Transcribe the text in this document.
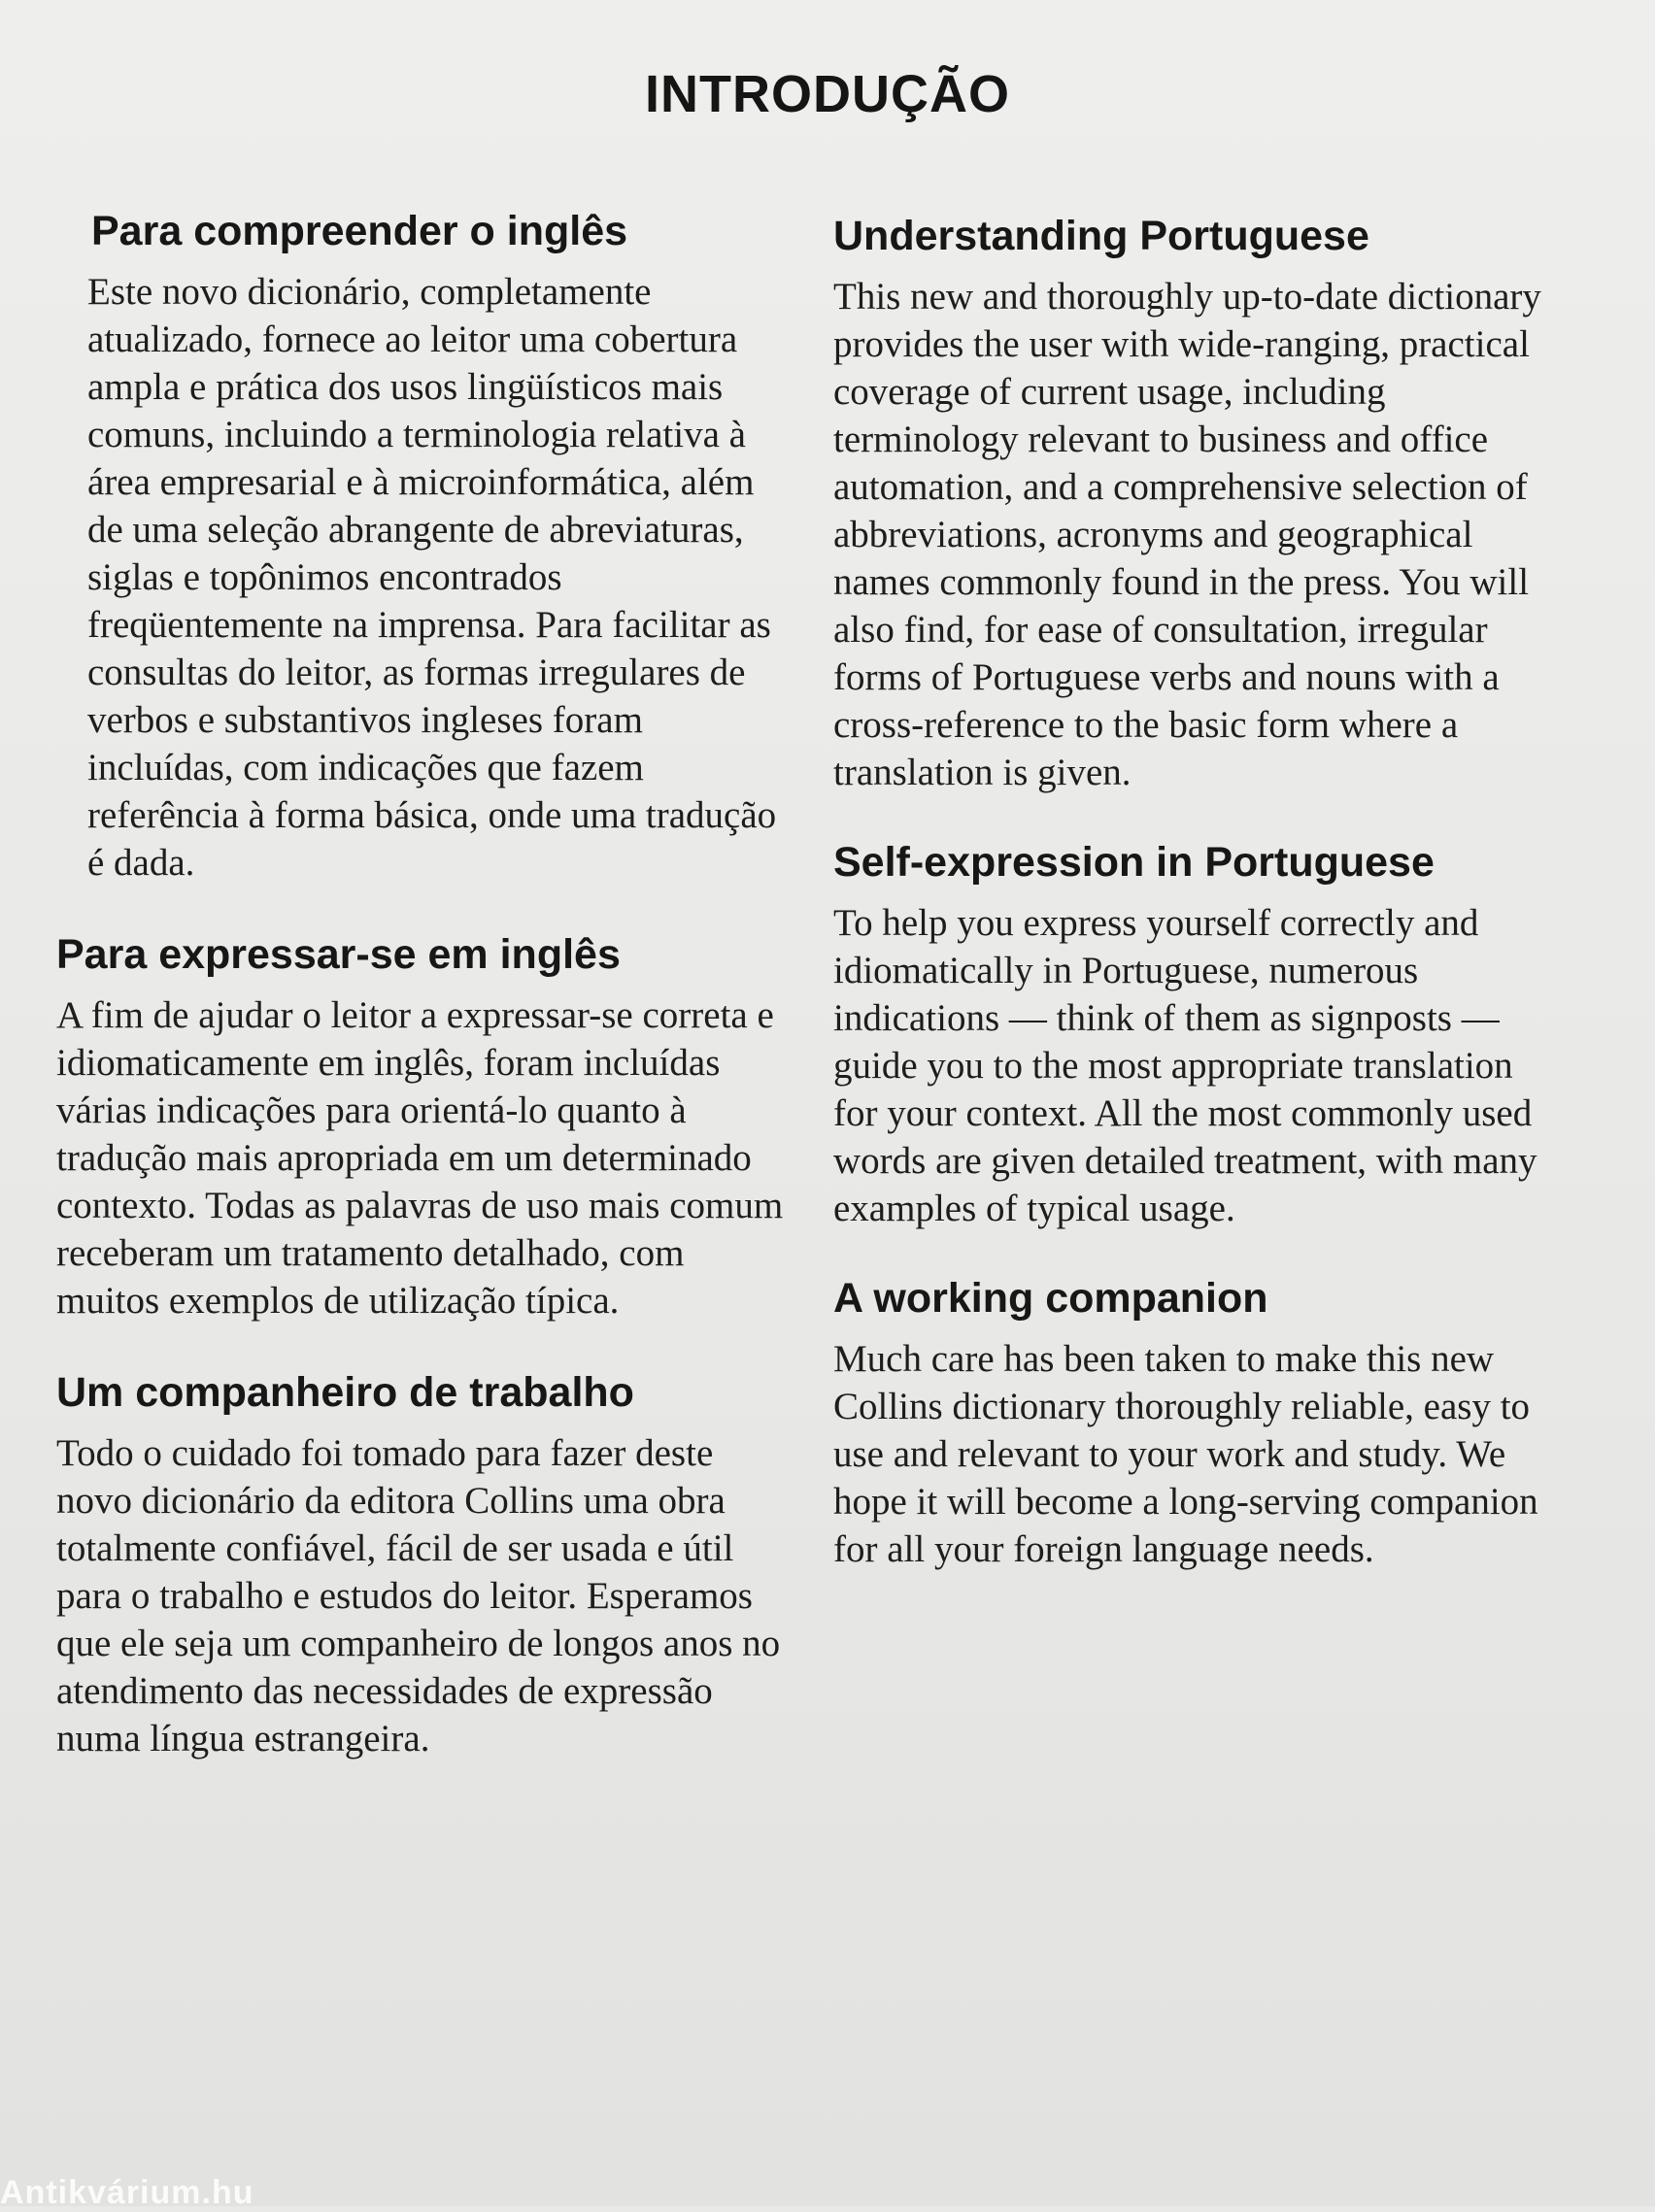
INTRODUÇÃO
Para compreender o inglês

Este novo dicionário, completamente atualizado, fornece ao leitor uma cobertura ampla e prática dos usos lingüísticos mais comuns, incluindo a terminologia relativa à área empresarial e à microinformática, além de uma seleção abrangente de abreviaturas, siglas e topônimos encontrados freqüentemente na imprensa. Para facilitar as consultas do leitor, as formas irregulares de verbos e substantivos ingleses foram incluídas, com indicações que fazem referência à forma básica, onde uma tradução é dada.

Para expressar-se em inglês

A fim de ajudar o leitor a expressar-se correta e idiomaticamente em inglês, foram incluídas várias indicações para orientá-lo quanto à tradução mais apropriada em um determinado contexto. Todas as palavras de uso mais comum receberam um tratamento detalhado, com muitos exemplos de utilização típica.

Um companheiro de trabalho

Todo o cuidado foi tomado para fazer deste novo dicionário da editora Collins uma obra totalmente confiável, fácil de ser usada e útil para o trabalho e estudos do leitor. Esperamos que ele seja um companheiro de longos anos no atendimento das necessidades de expressão numa língua estrangeira.

Understanding Portuguese

This new and thoroughly up-to-date dictionary provides the user with wide-ranging, practical coverage of current usage, including terminology relevant to business and office automation, and a comprehensive selection of abbreviations, acronyms and geographical names commonly found in the press. You will also find, for ease of consultation, irregular forms of Portuguese verbs and nouns with a cross-reference to the basic form where a translation is given.

Self-expression in Portuguese

To help you express yourself correctly and idiomatically in Portuguese, numerous indications — think of them as signposts — guide you to the most appropriate translation for your context. All the most commonly used words are given detailed treatment, with many examples of typical usage.

A working companion

Much care has been taken to make this new Collins dictionary thoroughly reliable, easy to use and relevant to your work and study. We hope it will become a long-serving companion for all your foreign language needs.

Antikvárium.hu
